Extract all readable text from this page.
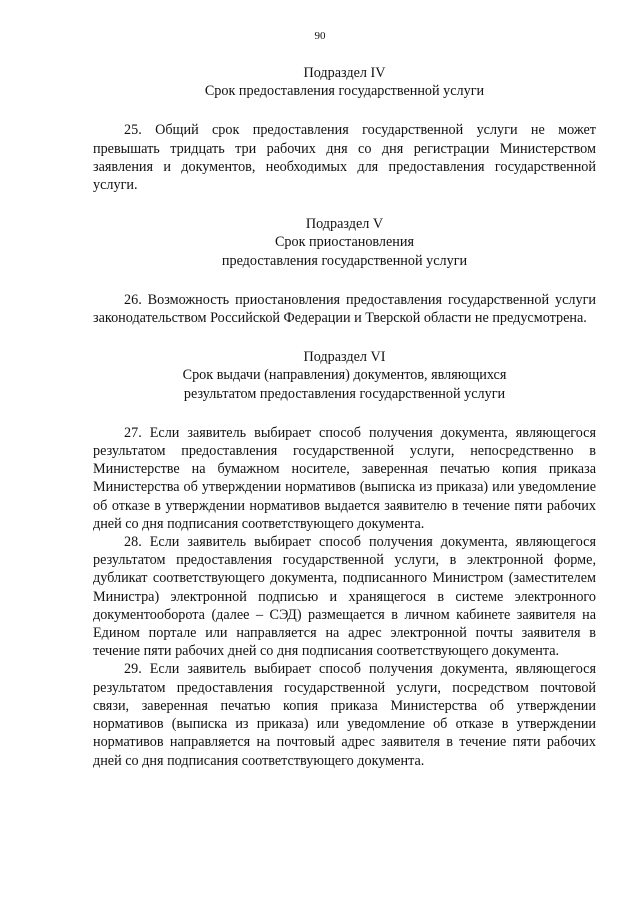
90

Подраздел IV

Срок предоставления государственной услуги

25. Общий срок предоставления государственной услуги не может превышать тридцать три рабочих дня со дня регистрации Министерством заявления и документов, необходимых для предоставления государственной услуги.

Подраздел V

Срок приостановления

предоставления государственной услуги

26. Возможность приостановления предоставления государственной услуги законодательством Российской Федерации и Тверской области не предусмотрена.

Подраздел VI

Срок выдачи (направления) документов, являющихся

результатом предоставления государственной услуги

27. Если заявитель выбирает способ получения документа, являющегося результатом предоставления государственной услуги, непосредственно в Министерстве на бумажном носителе, заверенная печатью копия приказа Министерства об утверждении нормативов (выписка из приказа) или уведомление об отказе в утверждении нормативов выдается заявителю в течение пяти рабочих дней со дня подписания соответствующего документа.

28. Если заявитель выбирает способ получения документа, являющегося результатом предоставления государственной услуги, в электронной форме, дубликат соответствующего документа, подписанного Министром (заместителем Министра) электронной подписью и хранящегося в системе электронного документооборота (далее – СЭД) размещается в личном кабинете заявителя на Едином портале или направляется на адрес электронной почты заявителя в течение пяти рабочих дней со дня подписания соответствующего документа.

29. Если заявитель выбирает способ получения документа, являющегося результатом предоставления государственной услуги, посредством почтовой связи, заверенная печатью копия приказа Министерства об утверждении нормативов (выписка из приказа) или уведомление об отказе в утверждении нормативов направляется на почтовый адрес заявителя в течение пяти рабочих дней со дня подписания соответствующего документа.
